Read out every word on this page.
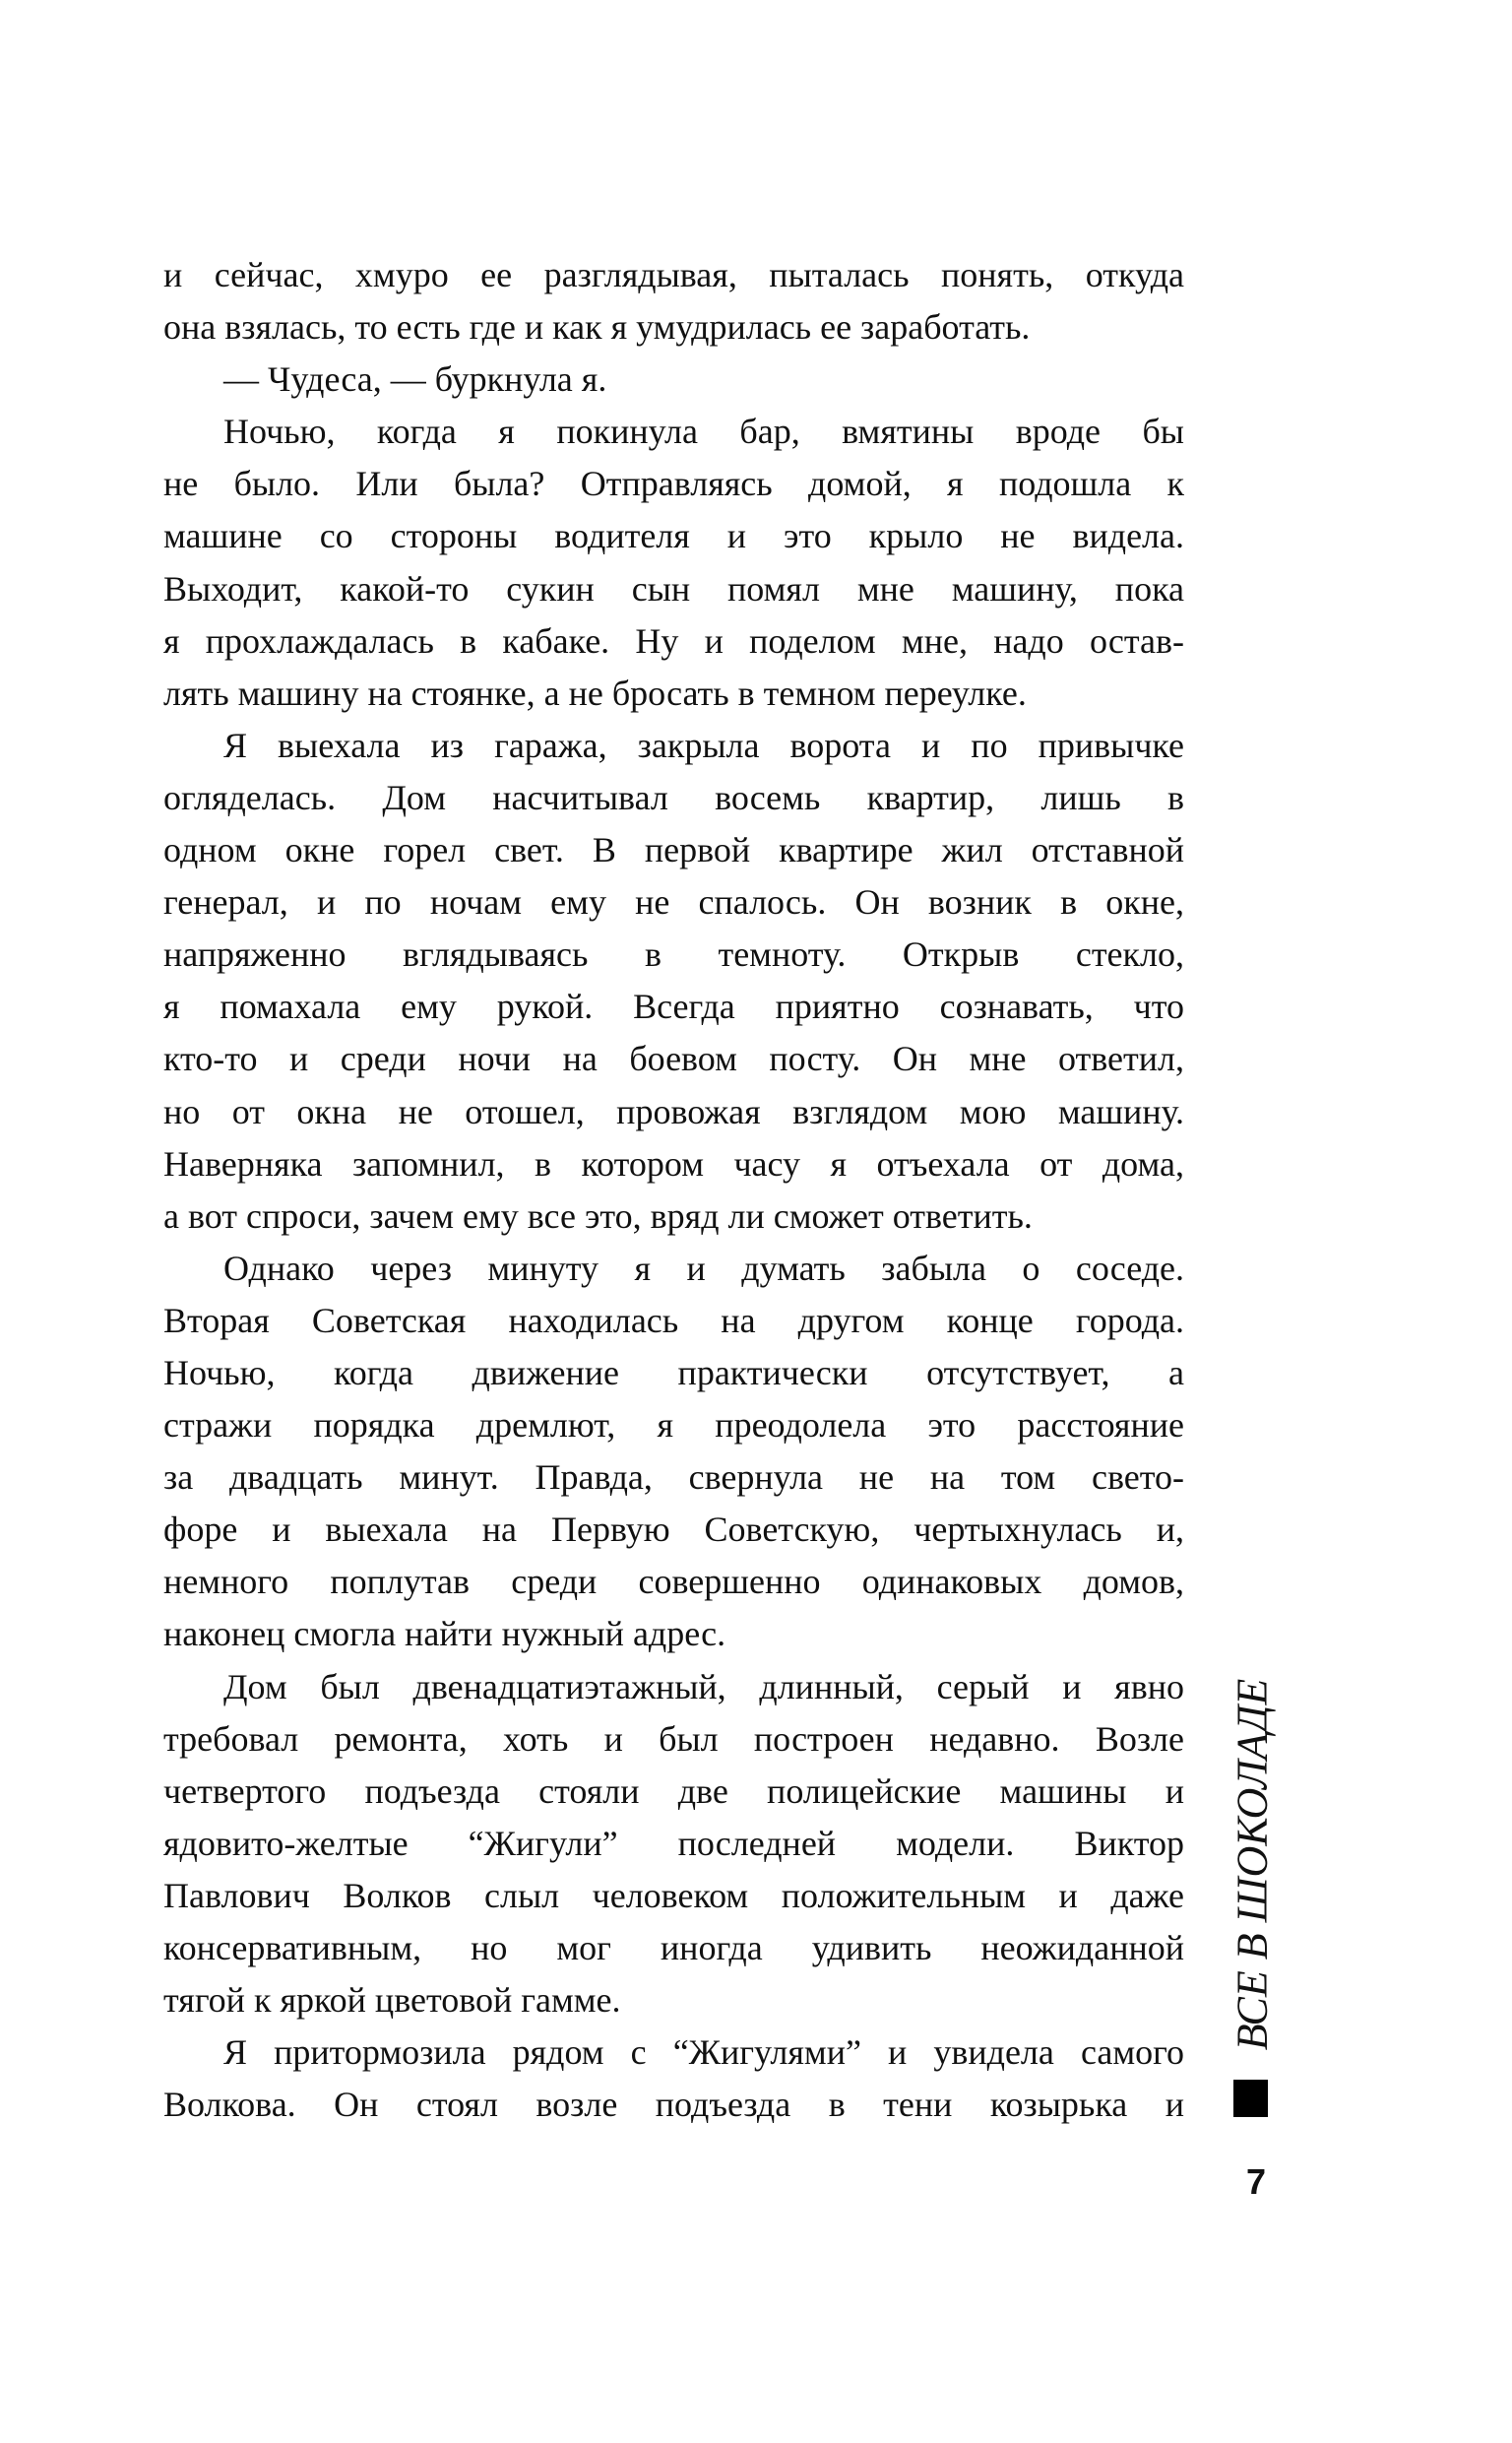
и сейчас, хмуро ее разглядывая, пыталась понять, откуда
она взялась, то есть где и как я умудрилась ее заработать.
— Чудеса, — буркнула я.
Ночью, когда я покинула бар, вмятины вроде бы
не было. Или была? Отправляясь домой, я подошла к
машине со стороны водителя и это крыло не видела.
Выходит, какой-то сукин сын помял мне машину, пока
я прохлаждалась в кабаке. Ну и поделом мне, надо остав-
лять машину на стоянке, а не бросать в темном переулке.
Я выехала из гаража, закрыла ворота и по привычке
огляделась. Дом насчитывал восемь квартир, лишь в
одном окне горел свет. В первой квартире жил отставной
генерал, и по ночам ему не спалось. Он возник в окне,
напряженно вглядываясь в темноту. Открыв стекло,
я помахала ему рукой. Всегда приятно сознавать, что
кто-то и среди ночи на боевом посту. Он мне ответил,
но от окна не отошел, провожая взглядом мою машину.
Наверняка запомнил, в котором часу я отъехала от дома,
а вот спроси, зачем ему все это, вряд ли сможет ответить.
Однако через минуту я и думать забыла о соседе.
Вторая Советская находилась на другом конце города.
Ночью, когда движение практически отсутствует, а
стражи порядка дремлют, я преодолела это расстояние
за двадцать минут. Правда, свернула не на том свето-
форе и выехала на Первую Советскую, чертыхнулась и,
немного поплутав среди совершенно одинаковых домов,
наконец смогла найти нужный адрес.
Дом был двенадцатиэтажный, длинный, серый и явно
требовал ремонта, хоть и был построен недавно. Возле
четвертого подъезда стояли две полицейские машины и
ядовито-желтые “Жигули” последней модели. Виктор
Павлович Волков слыл человеком положительным и даже
консервативным, но мог иногда удивить неожиданной
тягой к яркой цветовой гамме.
Я притормозила рядом с “Жигулями” и увидела самого
Волкова. Он стоял возле подъезда в тени козырька и
ВСЕ В ШОКОЛАДЕ
7
